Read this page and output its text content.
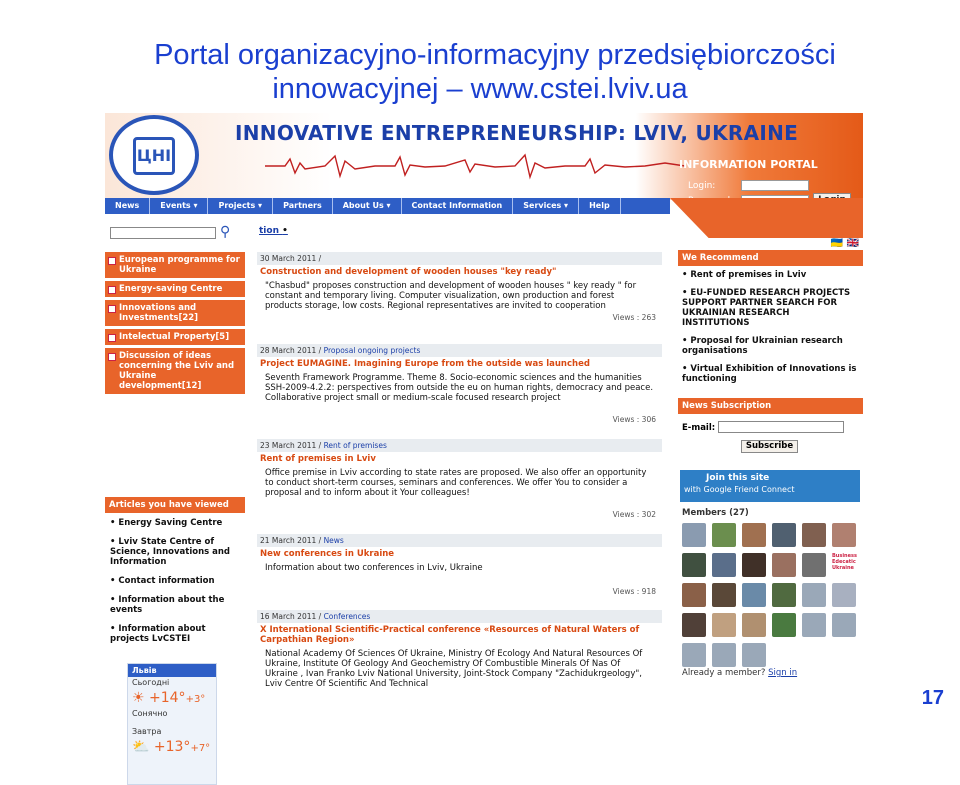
Portal organizacyjno-informacyjny przedsiębiorczości
innowacyjnej – www.cstei.lviv.ua
ЦНІ
INNOVATIVE ENTREPRENEURSHIP: LVIV, UKRAINE
INFORMATION PORTAL
Login:
News	Events ▾	Projects ▾	Partners	About Us ▾	Contact Information	Services ▾	Help
⚲
European programme for Ukraine
Energy-saving Centre
Innovations and Investments[22]
Intelectual Property[5]
Discussion of ideas concerning the Lviv and Ukraine development[12]
Articles you have viewed
• Energy Saving Centre
• Lviv State Centre of Science, Innovations and Information
• Contact information
• Information about the events
• Information about projects LvCSTEI
Львів
Сьогодні
☀ +14°+3°
Сонячно
Завтра
⛅ +13°+7°
tion •
30 March 2011 /
Construction and development of wooden houses "key ready"
"Chasbud" proposes construction and development of wooden houses " key ready " for constant and temporary living. Computer visualization, own production and forest products storage, low costs. Regional representatives are invited to cooperation
Views : 263
28 March 2011 / Proposal ongoing projects
Project EUMAGINE. Imagining Europe from the outside was launched
Seventh Framework Programme. Theme 8. Socio-economic sciences and the humanities SSH-2009-4.2.2: perspectives from outside the eu on human rights, democracy and peace. Collaborative project small or medium-scale focused research project
Views : 306
23 March 2011 / Rent of premises
Rent of premises in Lviv
Office premise in Lviv according to state rates are proposed. We also offer an opportunity to conduct short-term courses, seminars and conferences. We offer You to consider a proposal and to inform about it Your colleagues!
Views : 302
21 March 2011 / News
New conferences in Ukraine
Information about two conferences in Lviv, Ukraine
Views : 918
16 March 2011 / Conferences
X International Scientific-Practical conference «Resources of Natural Waters of Carpathian Region»
National Academy Of Sciences Of Ukraine, Ministry Of Ecology And Natural Resources Of Ukraine, Institute Of Geology And Geochemistry Of Combustible Minerals Of Nas Of Ukraine , Ivan Franko Lviv National University, Joint-Stock Company "Zachidukrgeology", Lviv Centre Of Scientific And Technical
🇺🇦 🇬🇧
We Recommend
• Rent of premises in Lviv
• EU-FUNDED RESEARCH PROJECTS SUPPORT PARTNER SEARCH FOR UKRAINIAN RESEARCH INSTITUTIONS
• Proposal for Ukrainian research organisations
• Virtual Exhibition of Innovations is functioning
News Subscription
E-mail:
Subscribe
Join this site
with Google Friend Connect
Members (27)
Business Edecatic Ukraine
Already a member? Sign in
17
